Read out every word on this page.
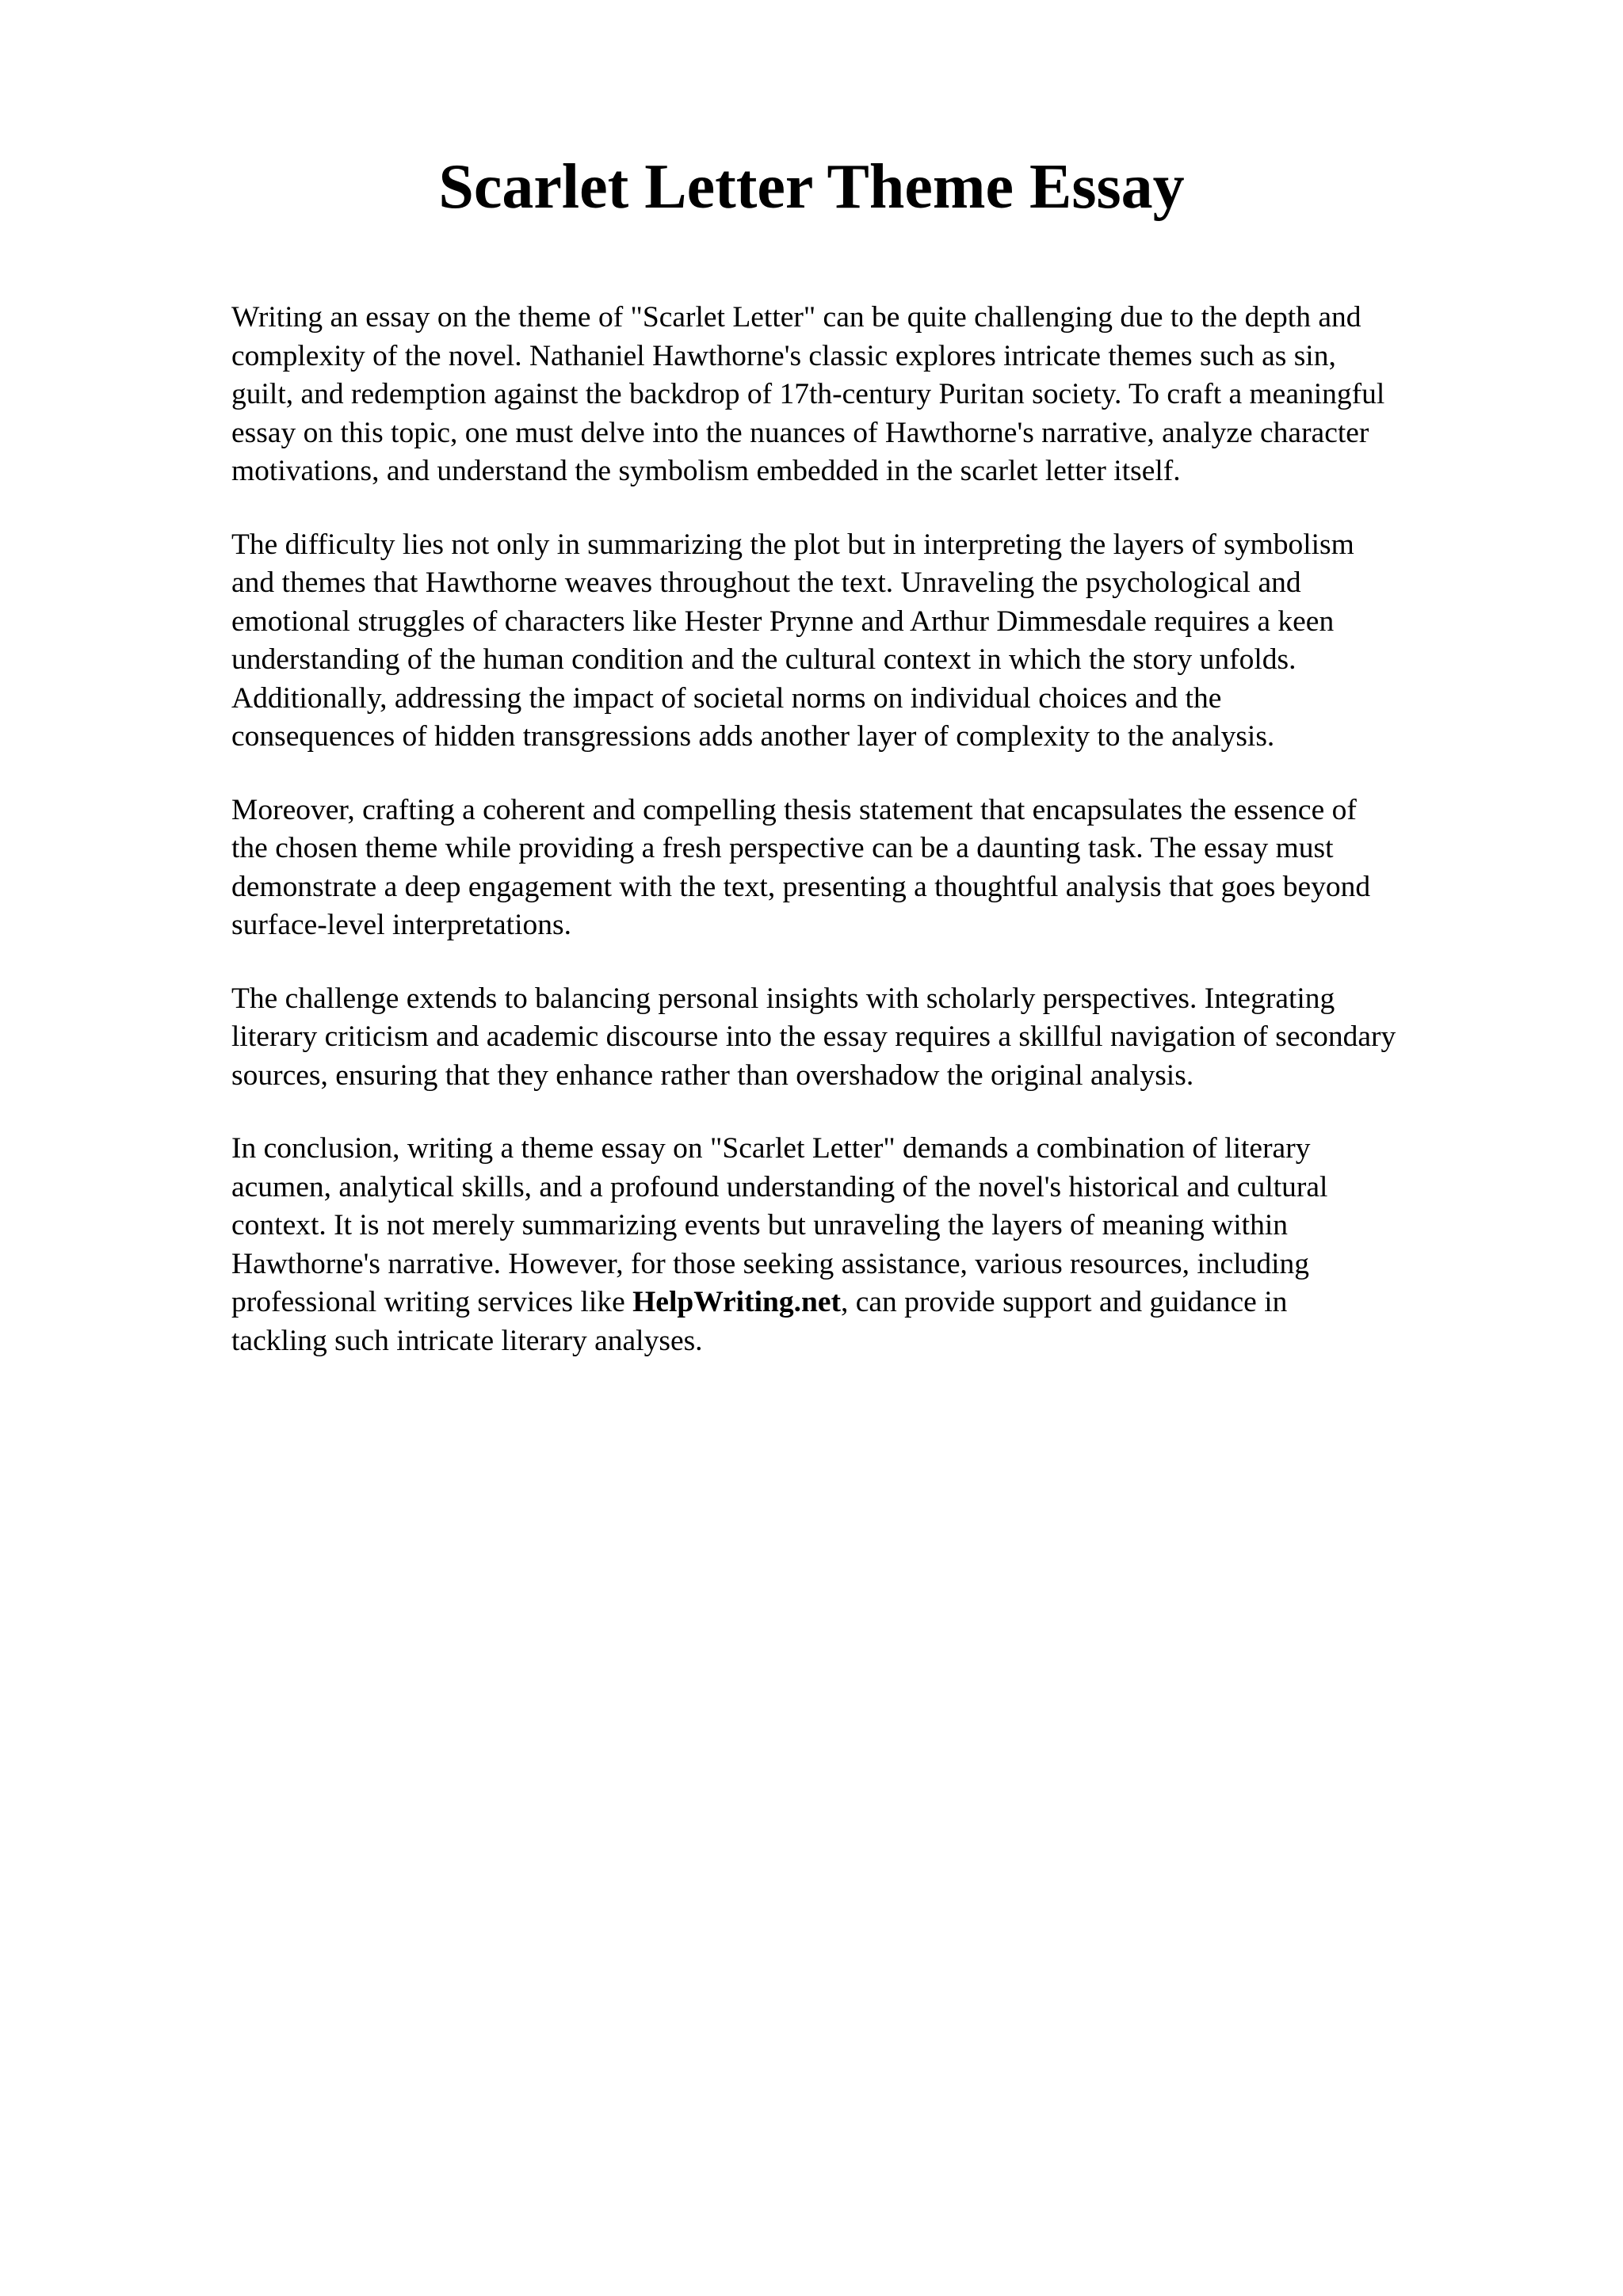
Scarlet Letter Theme Essay

Writing an essay on the theme of "Scarlet Letter" can be quite challenging due to the depth and
complexity of the novel. Nathaniel Hawthorne's classic explores intricate themes such as sin,
guilt, and redemption against the backdrop of 17th-century Puritan society. To craft a meaningful
essay on this topic, one must delve into the nuances of Hawthorne's narrative, analyze character
motivations, and understand the symbolism embedded in the scarlet letter itself.

The difficulty lies not only in summarizing the plot but in interpreting the layers of symbolism
and themes that Hawthorne weaves throughout the text. Unraveling the psychological and
emotional struggles of characters like Hester Prynne and Arthur Dimmesdale requires a keen
understanding of the human condition and the cultural context in which the story unfolds.
Additionally, addressing the impact of societal norms on individual choices and the
consequences of hidden transgressions adds another layer of complexity to the analysis.

Moreover, crafting a coherent and compelling thesis statement that encapsulates the essence of
the chosen theme while providing a fresh perspective can be a daunting task. The essay must
demonstrate a deep engagement with the text, presenting a thoughtful analysis that goes beyond
surface-level interpretations.

The challenge extends to balancing personal insights with scholarly perspectives. Integrating
literary criticism and academic discourse into the essay requires a skillful navigation of secondary
sources, ensuring that they enhance rather than overshadow the original analysis.

In conclusion, writing a theme essay on "Scarlet Letter" demands a combination of literary
acumen, analytical skills, and a profound understanding of the novel's historical and cultural
context. It is not merely summarizing events but unraveling the layers of meaning within
Hawthorne's narrative. However, for those seeking assistance, various resources, including
professional writing services like HelpWriting.net, can provide support and guidance in
tackling such intricate literary analyses.
